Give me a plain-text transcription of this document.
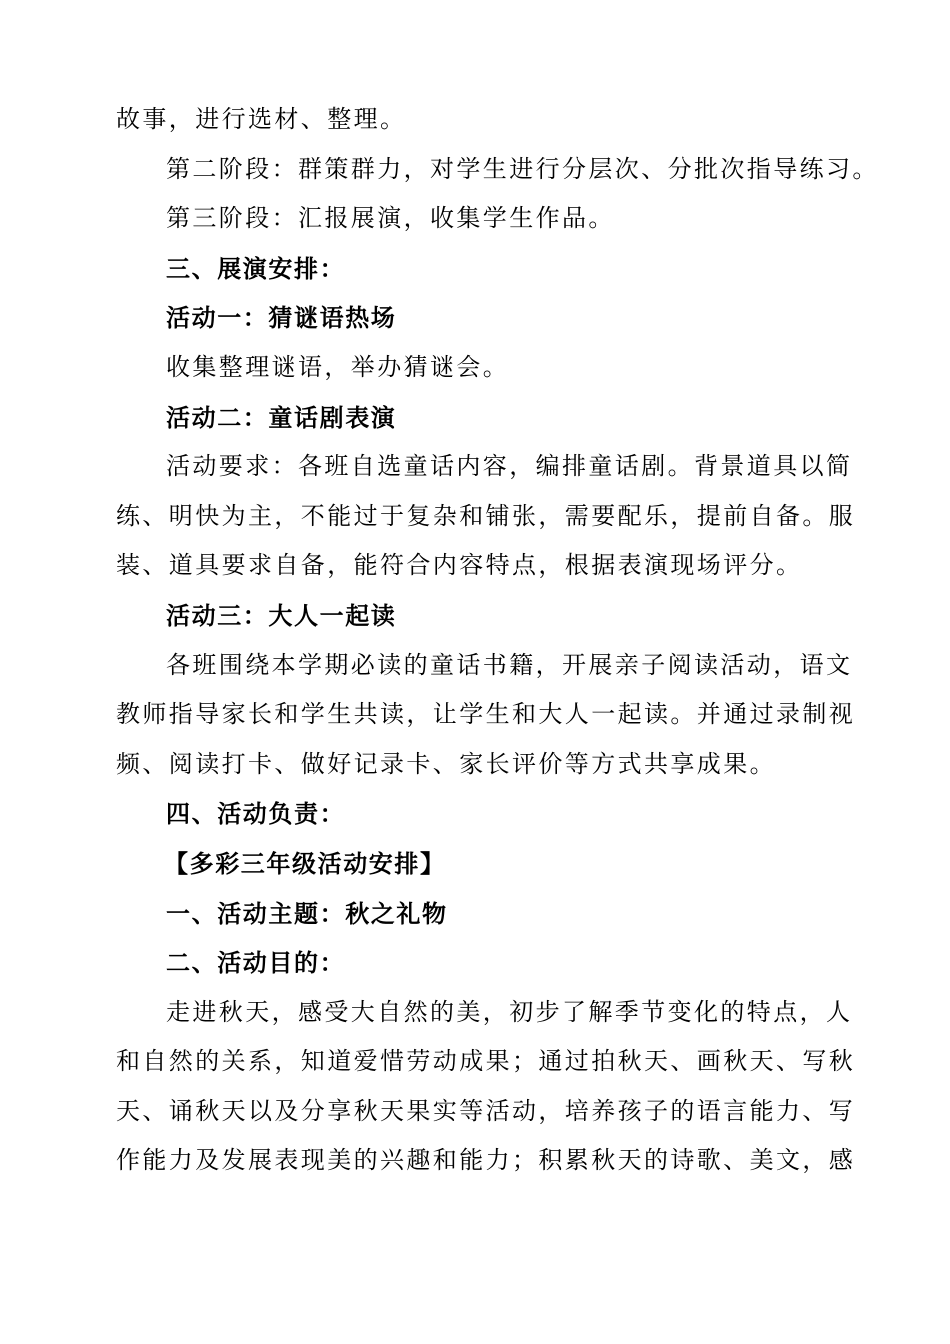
故事，进行选材、整理。
第二阶段：群策群力，对学生进行分层次、分批次指导练习。
第三阶段：汇报展演，收集学生作品。
三、展演安排：
活动一：猜谜语热场
收集整理谜语，举办猜谜会。
活动二：童话剧表演
活动要求：各班自选童话内容，编排童话剧。背景道具以简
练、明快为主，不能过于复杂和铺张，需要配乐，提前自备。服
装、道具要求自备，能符合内容特点，根据表演现场评分。
活动三：大人一起读
各班围绕本学期必读的童话书籍，开展亲子阅读活动，语文
教师指导家长和学生共读，让学生和大人一起读。并通过录制视
频、阅读打卡、做好记录卡、家长评价等方式共享成果。
四、活动负责：
【多彩三年级活动安排】
一、活动主题：秋之礼物
二、活动目的：
走进秋天，感受大自然的美，初步了解季节变化的特点，人
和自然的关系，知道爱惜劳动成果；通过拍秋天、画秋天、写秋
天、诵秋天以及分享秋天果实等活动，培养孩子的语言能力、写
作能力及发展表现美的兴趣和能力；积累秋天的诗歌、美文，感
